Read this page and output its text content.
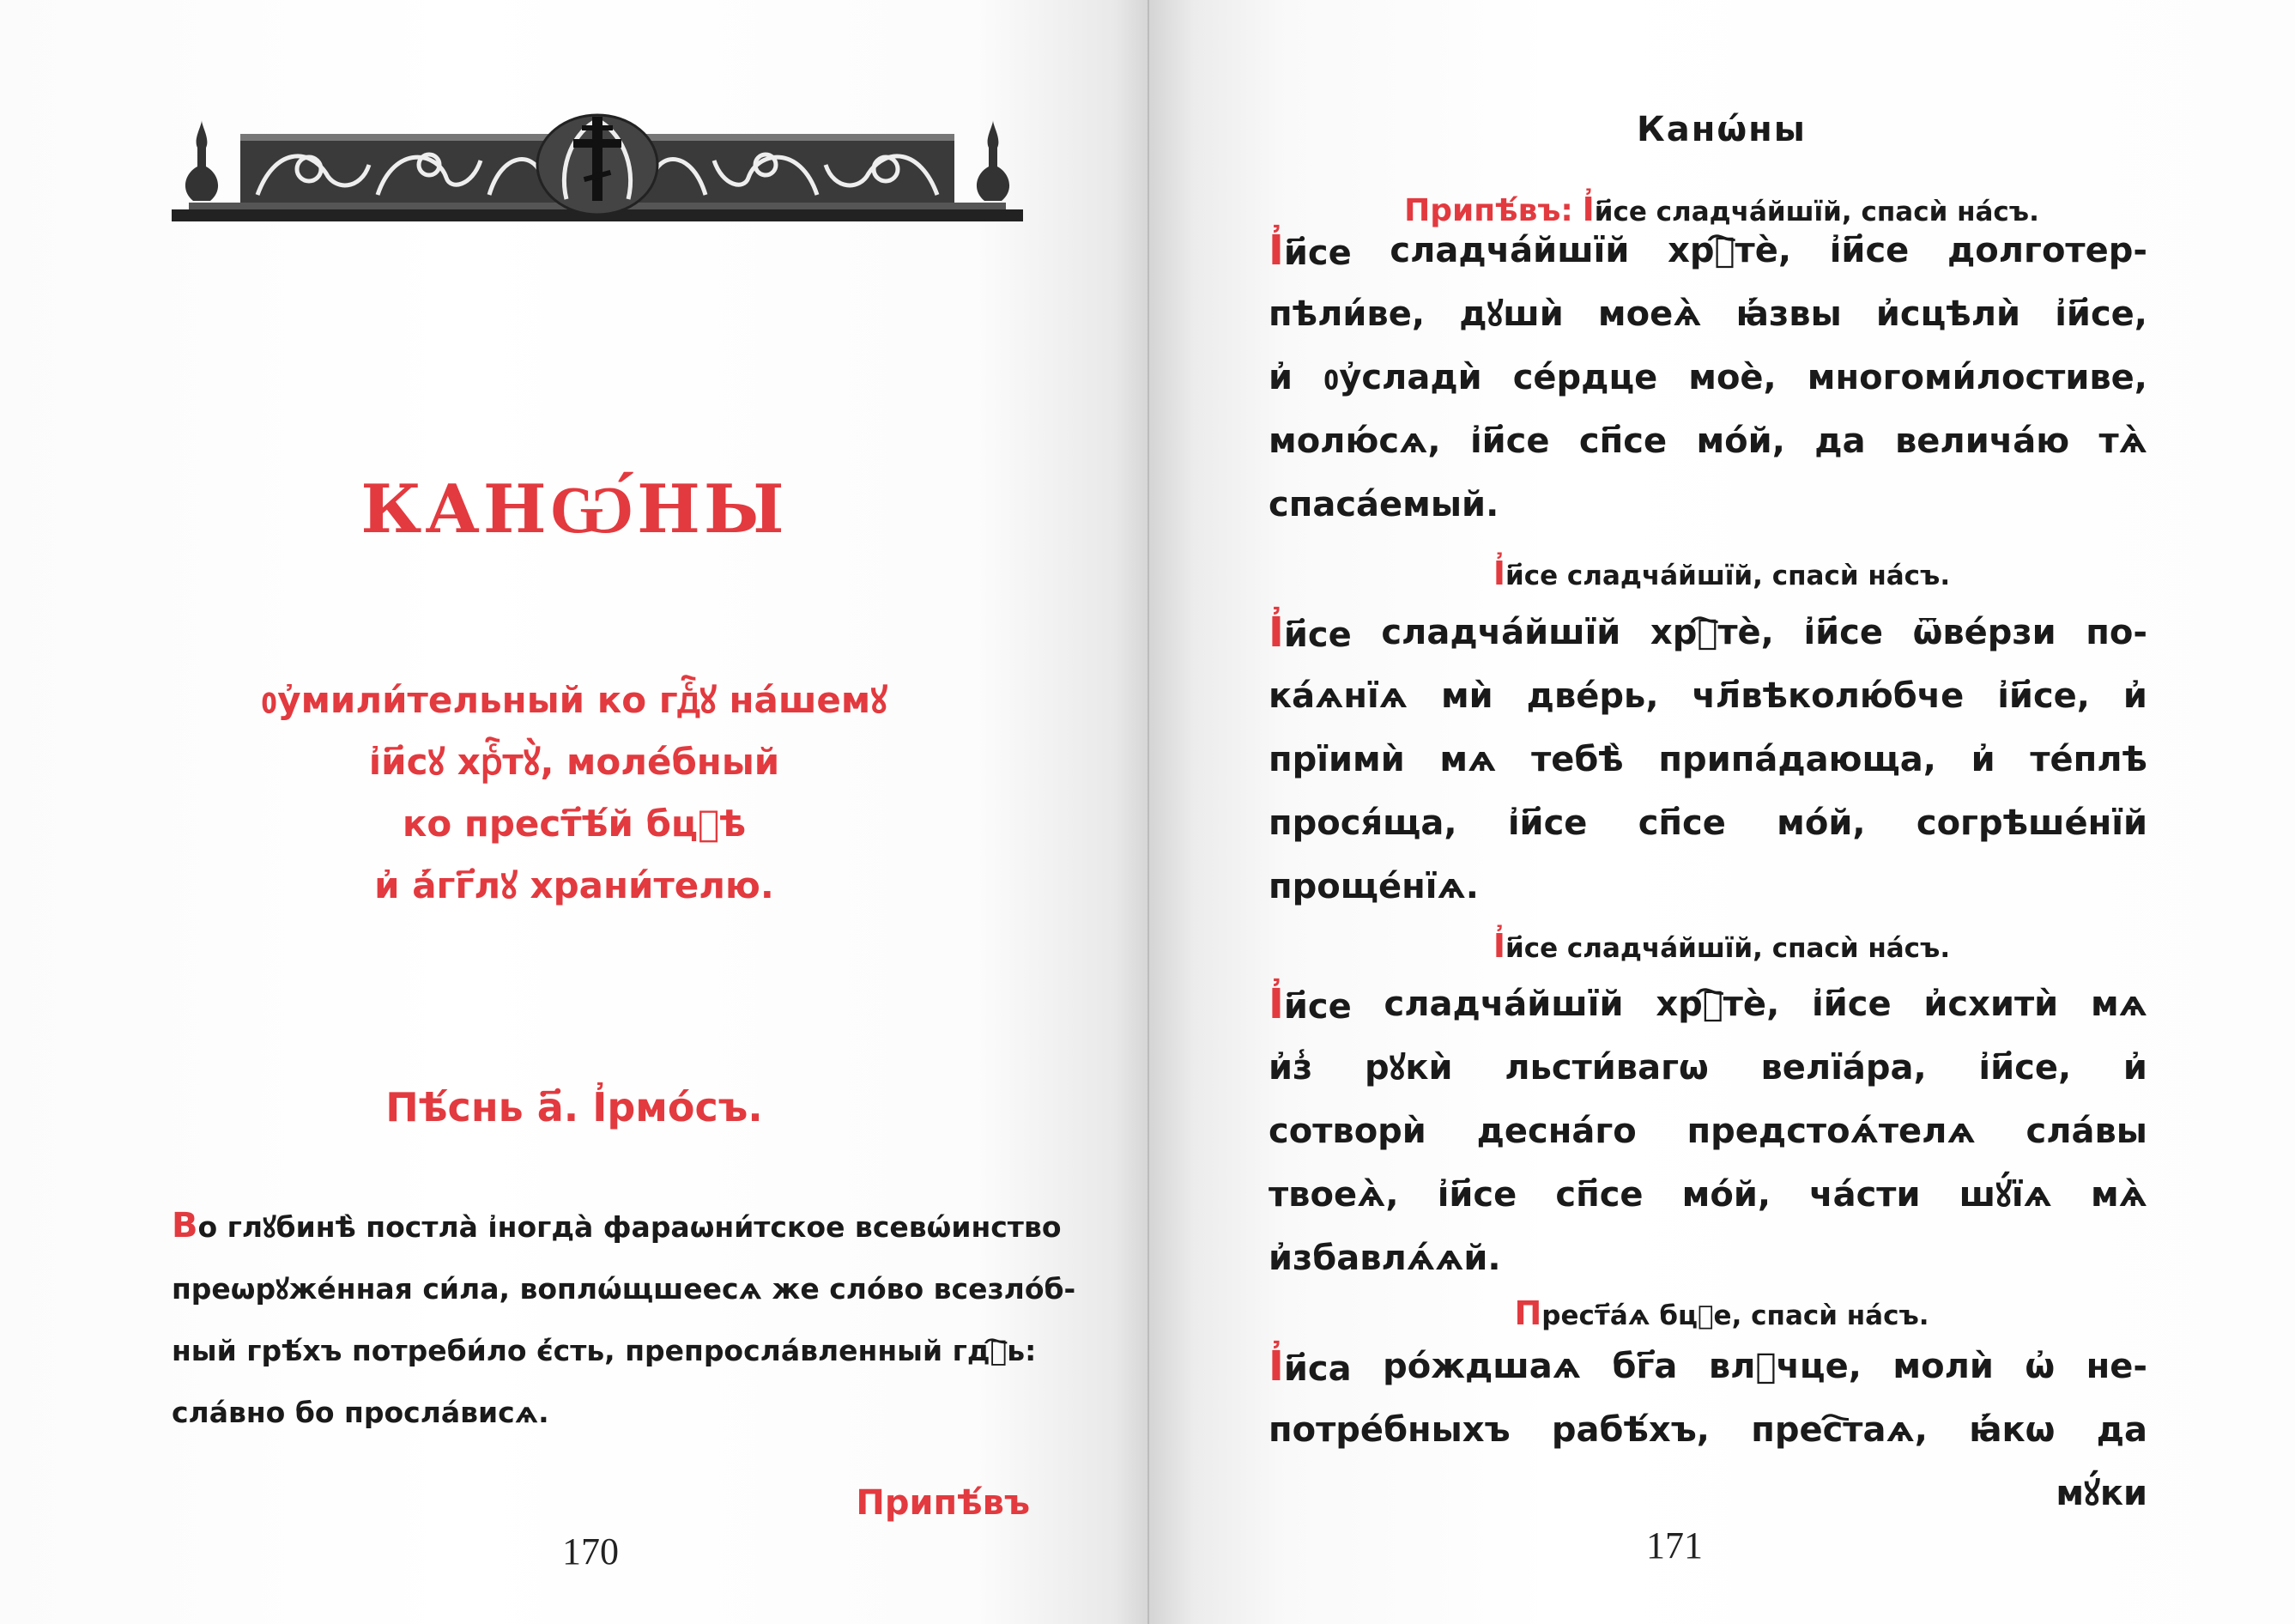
КАНѠ́НЫ
ᲂу҆мили́тельный ко гдⷭ҇ꙋ на́шемꙋ
і҆и҃сꙋ хрⷭ҇тꙋ̀, моле́бный
ко прест҃ѣ́й бцⷣѣ
и҆ а҆́гг҃лꙋ храни́телю.
Пѣ́снь а҃. І҆рмо́съ.
Во глꙋбинѣ̀ постла̀ і҆ногда̀ фараѡни́тское всевѡ́инство
преѡрꙋже́нная си́ла, воплѡ́щшеесѧ же сло́во всезло́б-
ный грѣ́хъ потреби́ло є҆́сть, препросла́вленный гдⷭ҇ь:
сла́вно бо просла́висѧ.
Припѣ́въ
170
Канѡ́ны
Припѣ́въ: І҆и҃се сладча́йшїй, спасѝ на́съ.
І҆и҃се сладча́йшїй хрⷭ҇тѐ, і҆и҃се долготер-
пѣли́ве, дꙋшѝ моеѧ̀ ꙗ҆́звы и҆сцѣлѝ і҆и҃се,
и҆ ᲂу҆сладѝ се́рдце моѐ, многоми́лостиве,
молю́сѧ, і҆и҃се сп҃се мо́й, да велича́ю тѧ̀
спаса́емый.
І҆и҃се сладча́йшїй, спасѝ на́съ.
І҆и҃се сладча́йшїй хрⷭ҇тѐ, і҆и҃се ѿве́рзи по-
ка́ѧнїѧ мѝ две́рь, чл҃вѣколю́бче і҆и҃се, и҆
прїимѝ мѧ тебѣ̀ припа́дающа, и҆ те́плѣ
прося́ща, і҆и҃се сп҃се мо́й, согрѣше́нїй
проще́нїѧ.
І҆и҃се сладча́йшїй, спасѝ на́съ.
І҆и҃се сладча́йшїй хрⷭ҇тѐ, і҆и҃се и҆схитѝ мѧ
и҆з̾ рꙋкѝ льсти́вагѡ велїа́ра, і҆и҃се, и҆
сотворѝ десна́го предстоѧ́телѧ сла́вы
твоеѧ̀, і҆и҃се сп҃се мо́й, ча́сти шꙋ́їѧ мѧ̀
и҆збавлѧ́ѧй.
Прест҃а́ѧ бцⷣе, спасѝ на́съ.
І҆и҃са ро́ждшаѧ бг҃а влⷣчце, молѝ ѡ҆ не-
потре́бныхъ рабѣ́хъ, прес҇таѧ, ꙗ҆́кѡ да
мꙋ́ки
171
